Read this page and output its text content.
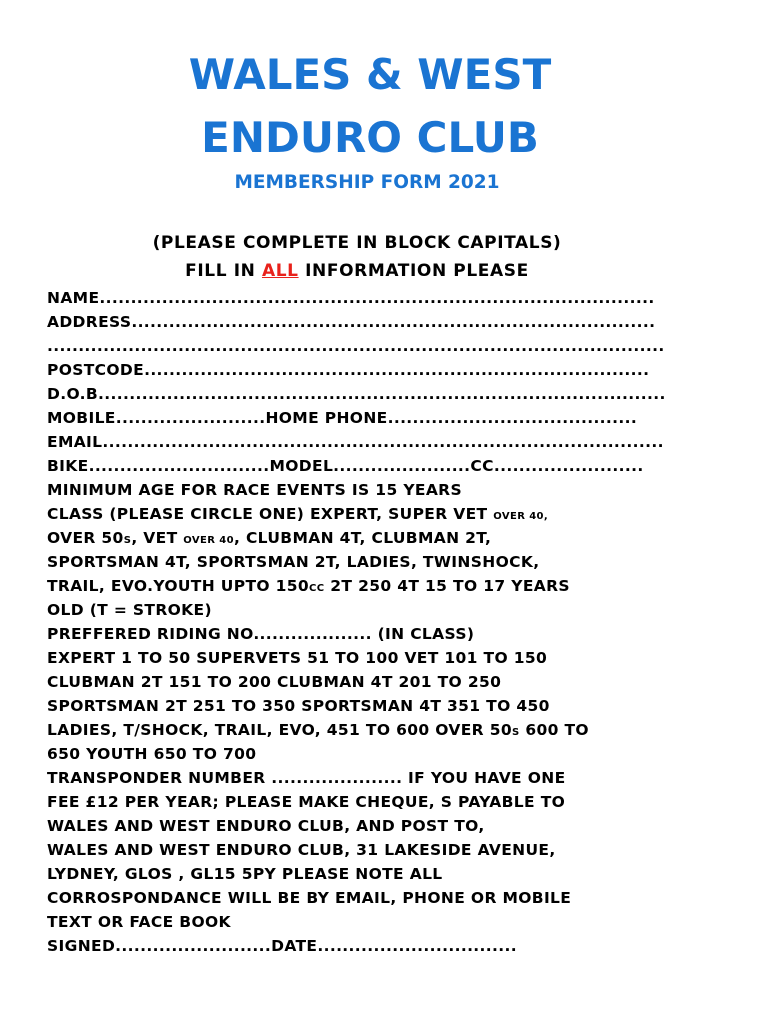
WALES & WEST
ENDURO CLUB
MEMBERSHIP FORM 2021
(PLEASE COMPLETE IN BLOCK CAPITALS)
FILL IN ALL INFORMATION PLEASE
NAME.........................................................................................
ADDRESS....................................................................................
...................................................................................................
POSTCODE.................................................................................
D.O.B...........................................................................................
MOBILE........................HOME PHONE........................................
EMAIL..........................................................................................
BIKE.............................MODEL......................CC........................
MINIMUM AGE FOR RACE EVENTS IS 15 YEARS
CLASS (PLEASE CIRCLE ONE) EXPERT, SUPER VET OVER 40,
OVER 50S, VET OVER 40, CLUBMAN 4T, CLUBMAN 2T,
SPORTSMAN 4T, SPORTSMAN 2T, LADIES, TWINSHOCK,
TRAIL, EVO.YOUTH UPTO 150CC 2T 250 4T 15 TO 17 YEARS
OLD (T = STROKE)
PREFFERED RIDING NO................... (IN CLASS)
EXPERT 1 TO 50 SUPERVETS 51 TO 100 VET 101 TO 150
CLUBMAN 2T 151 TO 200 CLUBMAN 4T 201 TO 250
SPORTSMAN 2T 251 TO 350 SPORTSMAN 4T 351 TO 450
LADIES, T/SHOCK, TRAIL, EVO, 451 TO 600 OVER 50S 600 TO
650 YOUTH 650 TO 700
TRANSPONDER NUMBER ..................... IF YOU HAVE ONE
FEE £12 PER YEAR; PLEASE MAKE CHEQUE, S PAYABLE TO
WALES AND WEST ENDURO CLUB, AND POST TO,
WALES AND WEST ENDURO CLUB, 31 LAKESIDE AVENUE,
LYDNEY, GLOS , GL15 5PY PLEASE NOTE ALL
CORROSPONDANCE WILL BE BY EMAIL, PHONE OR MOBILE
TEXT OR FACE BOOK
SIGNED.........................DATE................................
